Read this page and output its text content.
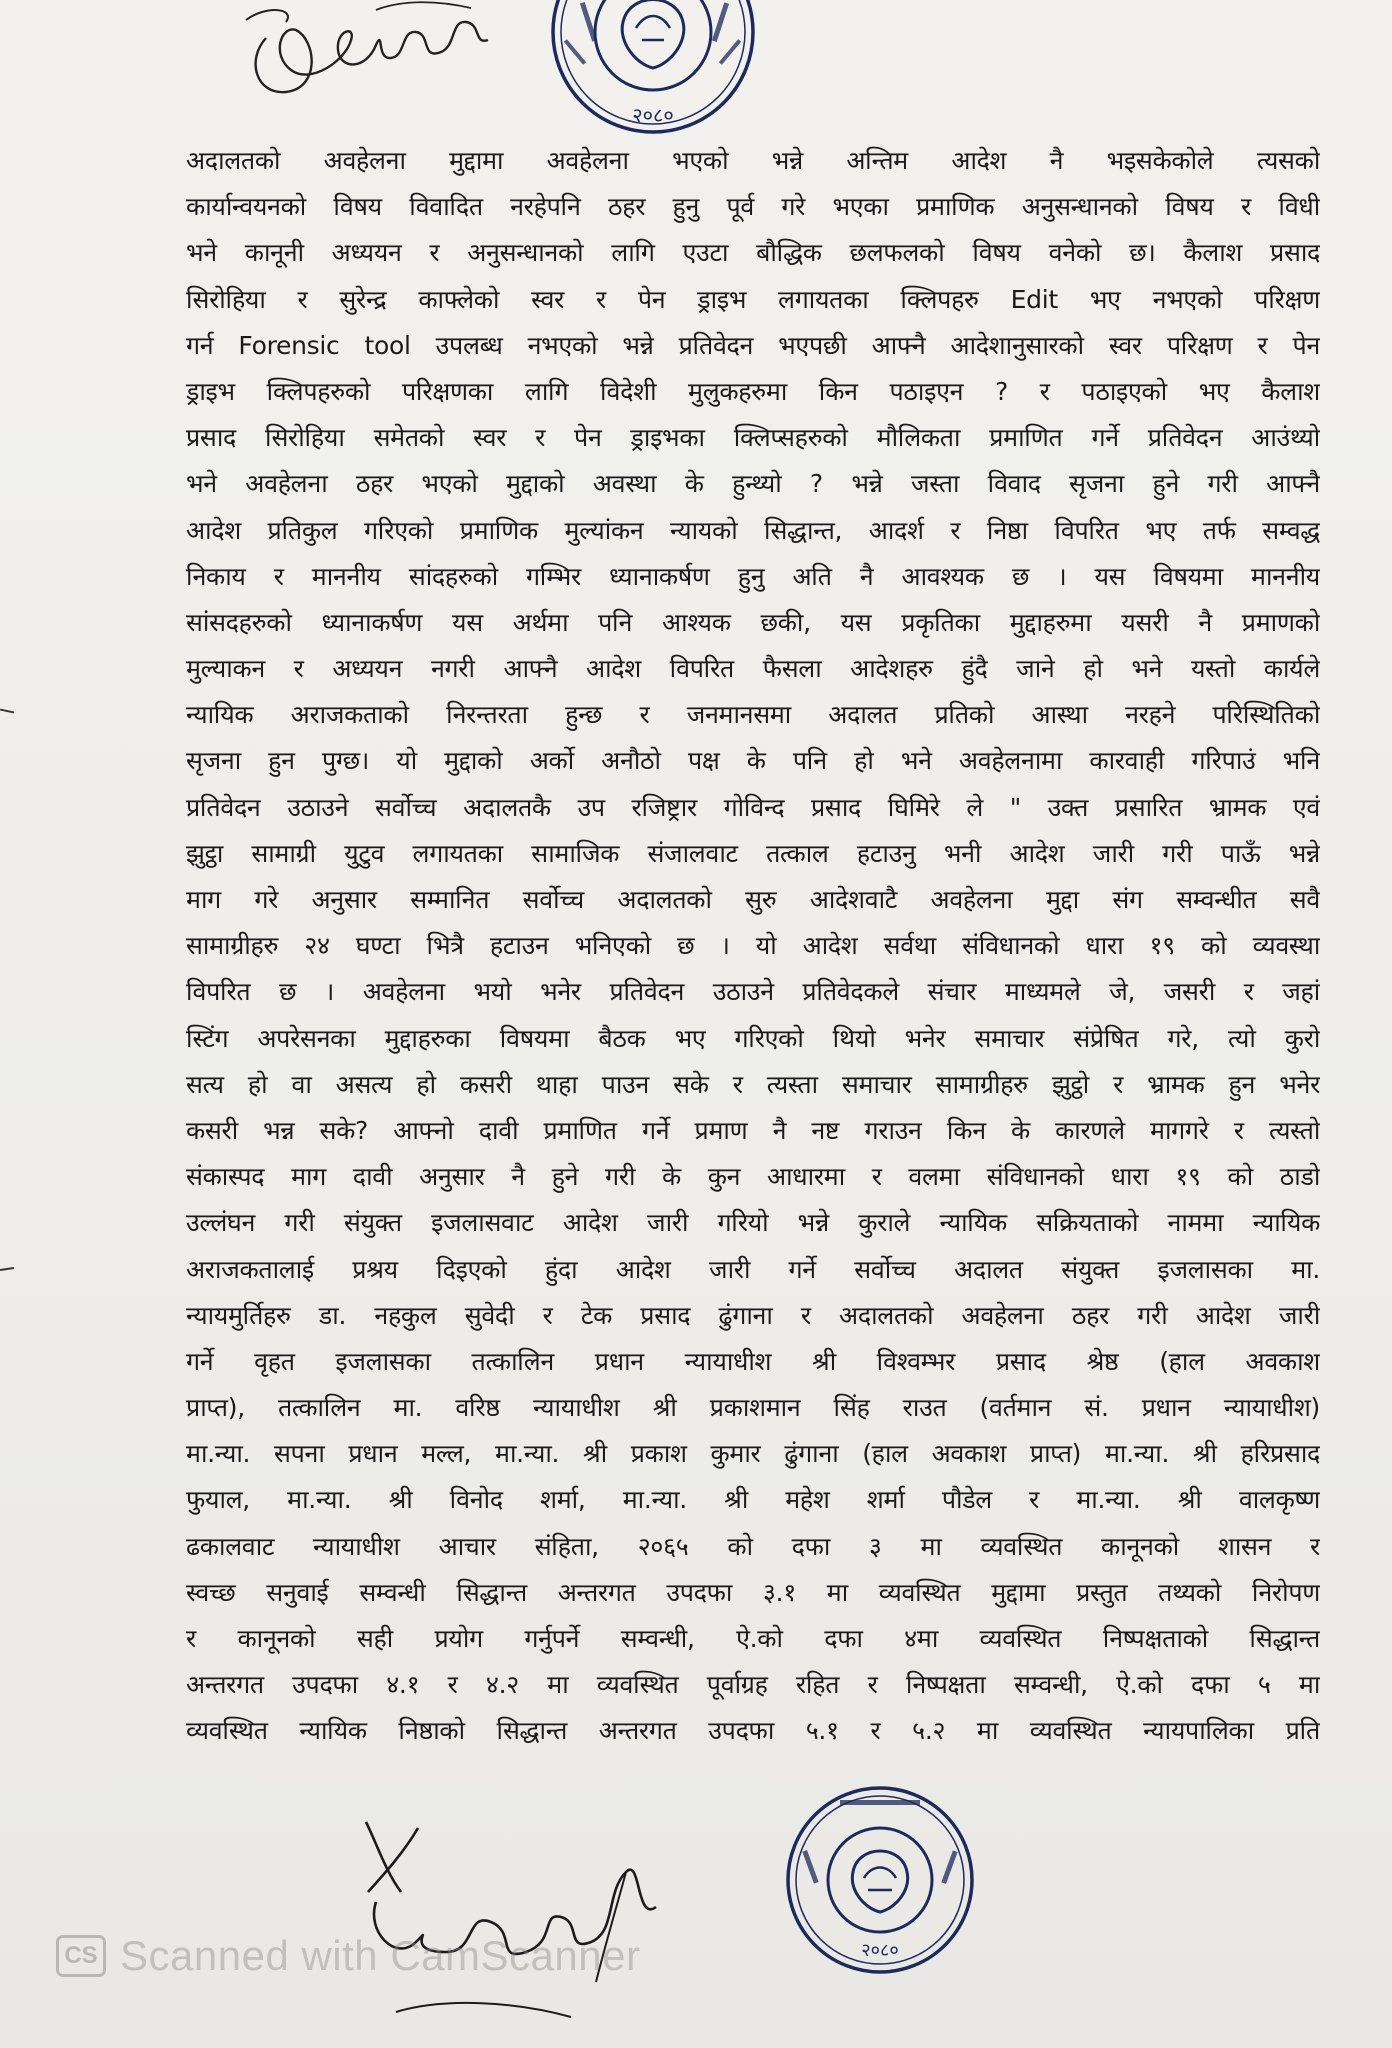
२०८०
अदालतको अवहेलना मुद्दामा अवहेलना भएको भन्ने अन्तिम आदेश नै भइसकेकोले त्यसको
कार्यान्वयनको विषय विवादित नरहेपनि ठहर हुनु पूर्व गरे भएका प्रमाणिक अनुसन्धानको विषय र विधी
भने कानूनी अध्ययन र अनुसन्धानको लागि एउटा बौद्धिक छलफलको विषय वनेको छ। कैलाश प्रसाद
सिरोहिया र सुरेन्द्र काफ्लेको स्वर र पेन ड्राइभ लगायतका क्लिपहरु Edit भए नभएको परिक्षण
गर्न Forensic tool उपलब्ध नभएको भन्ने प्रतिवेदन भएपछी आफ्नै आदेशानुसारको स्वर परिक्षण र पेन
ड्राइभ क्लिपहरुको परिक्षणका लागि विदेशी मुलुकहरुमा किन पठाइएन ? र पठाइएको भए कैलाश
प्रसाद सिरोहिया समेतको स्वर र पेन ड्राइभका क्लिप्सहरुको मौलिकता प्रमाणित गर्ने प्रतिवेदन आउंथ्यो
भने अवहेलना ठहर भएको मुद्दाको अवस्था के हुन्थ्यो ? भन्ने जस्ता विवाद सृजना हुने गरी आफ्नै
आदेश प्रतिकुल गरिएको प्रमाणिक मुल्यांकन न्यायको सिद्धान्त, आदर्श र निष्ठा विपरित भए तर्फ सम्वद्ध
निकाय र माननीय सांदहरुको गम्भिर ध्यानाकर्षण हुनु अति नै आवश्यक छ । यस विषयमा माननीय
सांसदहरुको ध्यानाकर्षण यस अर्थमा पनि आश्यक छकी, यस प्रकृतिका मुद्दाहरुमा यसरी नै प्रमाणको
मुल्याकन र अध्ययन नगरी आफ्नै आदेश विपरित फैसला आदेशहरु हुंदै जाने हो भने यस्तो कार्यले
न्यायिक अराजकताको निरन्तरता हुन्छ र जनमानसमा अदालत प्रतिको आस्था नरहने परिस्थितिको
सृजना हुन पुग्छ। यो मुद्दाको अर्को अनौठो पक्ष के पनि हो भने अवहेलनामा कारवाही गरिपाउं भनि
प्रतिवेदन उठाउने सर्वोच्च अदालतकै उप रजिष्ट्रार गोविन्द प्रसाद घिमिरे ले " उक्त प्रसारित भ्रामक एवं
झुट्ठा सामाग्री युटुव लगायतका सामाजिक संजालवाट तत्काल हटाउनु भनी आदेश जारी गरी पाऊँ भन्ने
माग गरे अनुसार सम्मानित सर्वोच्च अदालतको सुरु आदेशवाटै अवहेलना मुद्दा संग सम्वन्धीत सवै
सामाग्रीहरु २४ घण्टा भित्रै हटाउन भनिएको छ । यो आदेश सर्वथा संविधानको धारा १९ को व्यवस्था
विपरित छ । अवहेलना भयो भनेर प्रतिवेदन उठाउने प्रतिवेदकले संचार माध्यमले जे, जसरी र जहां
स्टिंग अपरेसनका मुद्दाहरुका विषयमा बैठक भए गरिएको थियो भनेर समाचार संप्रेषित गरे, त्यो कुरो
सत्य हो वा असत्य हो कसरी थाहा पाउन सके र त्यस्ता समाचार सामाग्रीहरु झुट्ठो र भ्रामक हुन भनेर
कसरी भन्न सके? आफ्नो दावी प्रमाणित गर्ने प्रमाण नै नष्ट गराउन किन के कारणले मागगरे र त्यस्तो
संकास्पद माग दावी अनुसार नै हुने गरी के कुन आधारमा र वलमा संविधानको धारा १९ को ठाडो
उल्लंघन गरी संयुक्त इजलासवाट आदेश जारी गरियो भन्ने कुराले न्यायिक सक्रियताको नाममा न्यायिक
अराजकतालाई प्रश्रय दिइएको हुंदा आदेश जारी गर्ने सर्वोच्च अदालत संयुक्त इजलासका मा.
न्यायमुर्तिहरु डा. नहकुल सुवेदी र टेक प्रसाद ढुंगाना र अदालतको अवहेलना ठहर गरी आदेश जारी
गर्ने वृहत इजलासका तत्कालिन प्रधान न्यायाधीश श्री विश्वम्भर प्रसाद श्रेष्ठ (हाल अवकाश
प्राप्त), तत्कालिन मा. वरिष्ठ न्यायाधीश श्री प्रकाशमान सिंह राउत (वर्तमान सं. प्रधान न्यायाधीश)
मा.न्या. सपना प्रधान मल्ल, मा.न्या. श्री प्रकाश कुमार ढुंगाना (हाल अवकाश प्राप्त) मा.न्या. श्री हरिप्रसाद
फुयाल, मा.न्या. श्री विनोद शर्मा, मा.न्या. श्री महेश शर्मा पौडेल र मा.न्या. श्री वालकृष्ण
ढकालवाट न्यायाधीश आचार संहिता, २०६५ को दफा ३ मा व्यवस्थित कानूनको शासन र
स्वच्छ सनुवाई सम्वन्धी सिद्धान्त अन्तरगत उपदफा ३.१ मा व्यवस्थित मुद्दामा प्रस्तुत तथ्यको निरोपण
र कानूनको सही प्रयोग गर्नुपर्ने सम्वन्धी, ऐ.को दफा ४मा व्यवस्थित निष्पक्षताको सिद्धान्त
अन्तरगत उपदफा ४.१ र ४.२ मा व्यवस्थित पूर्वाग्रह रहित र निष्पक्षता सम्वन्धी, ऐ.को दफा ५ मा
व्यवस्थित न्यायिक निष्ठाको सिद्धान्त अन्तरगत उपदफा ५.१ र ५.२ मा व्यवस्थित न्यायपालिका प्रति
२०८०
CS Scanned with CamScanner
